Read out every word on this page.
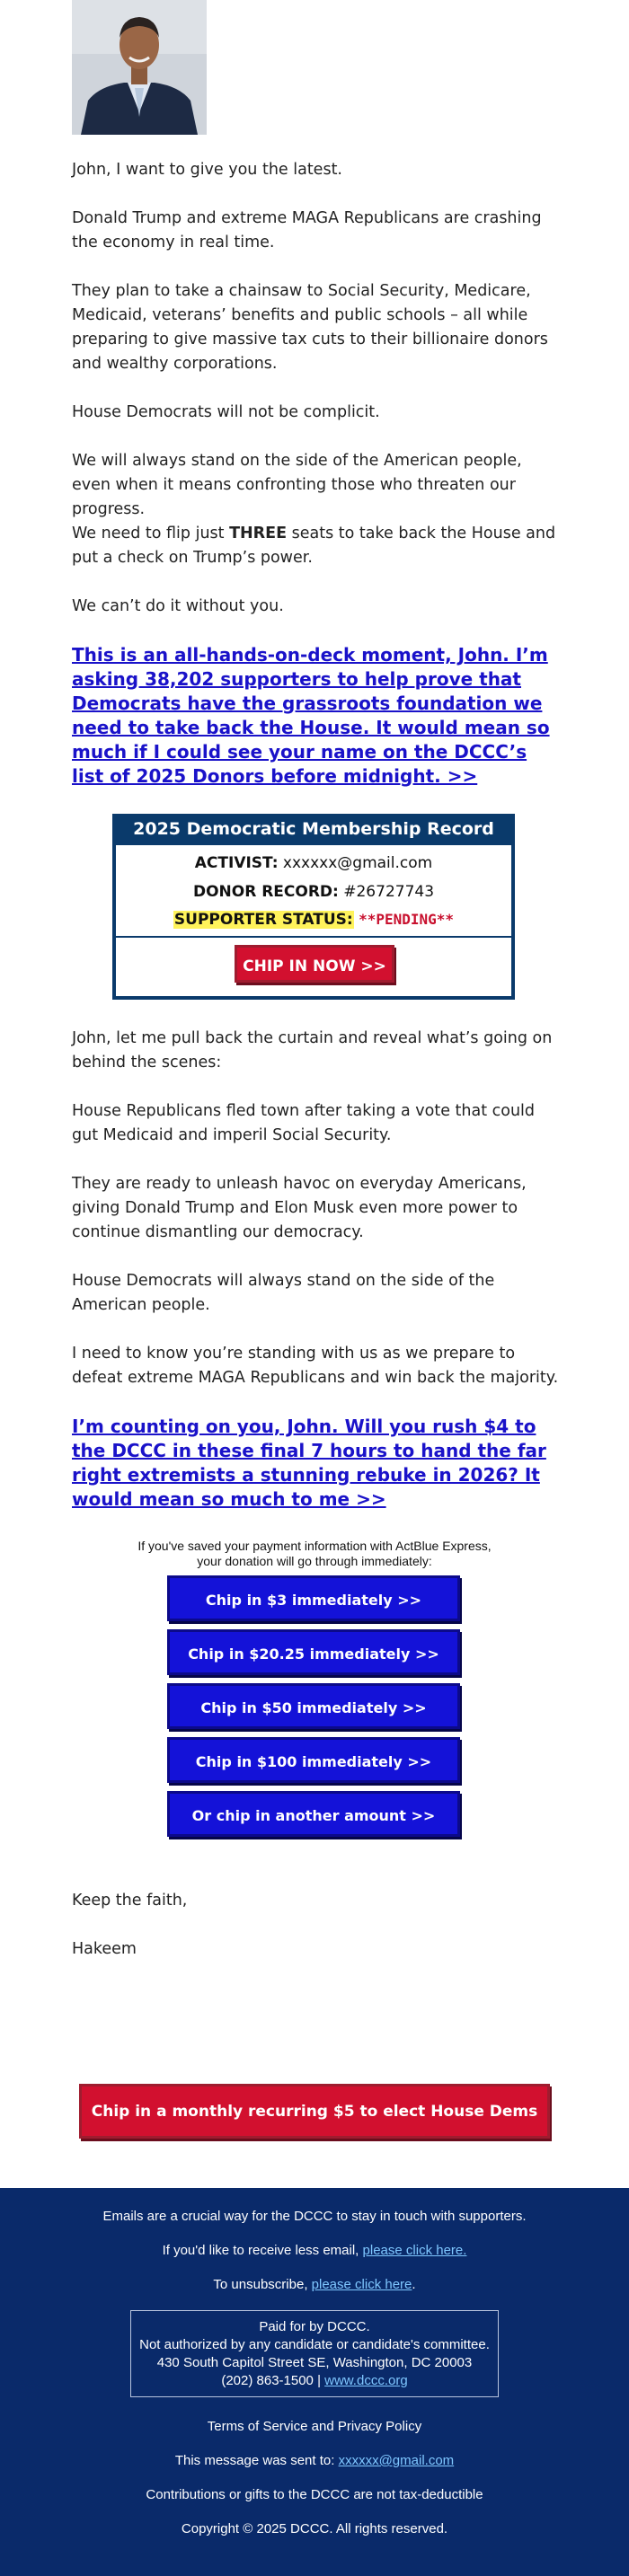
John, I want to give you the latest.

Donald Trump and extreme MAGA Republicans are crashing the economy in real time.

They plan to take a chainsaw to Social Security, Medicare, Medicaid, veterans’ benefits and public schools – all while preparing to give massive tax cuts to their billionaire donors and wealthy corporations.

House Democrats will not be complicit.

We will always stand on the side of the American people, even when it means confronting those who threaten our progress.

We need to flip just THREE seats to take back the House and put a check on Trump’s power.

We can’t do it without you.

This is an all-hands-on-deck moment, John. I’m asking 38,202 supporters to help prove that Democrats have the grassroots foundation we need to take back the House. It would mean so much if I could see your name on the DCCC’s list of 2025 Donors before midnight. >>
2025 Democratic Membership Record
ACTIVIST: xxxxxx@gmail.com
DONOR RECORD: #26727743
SUPPORTER STATUS: **PENDING**
CHIP IN NOW >>

John, let me pull back the curtain and reveal what’s going on behind the scenes:

House Republicans fled town after taking a vote that could gut Medicaid and imperil Social Security.

They are ready to unleash havoc on everyday Americans, giving Donald Trump and Elon Musk even more power to continue dismantling our democracy.

House Democrats will always stand on the side of the American people.

I need to know you’re standing with us as we prepare to defeat extreme MAGA Republicans and win back the majority.

I’m counting on you, John. Will you rush $4 to the DCCC in these final 7 hours to hand the far right extremists a stunning rebuke in 2026? It would mean so much to me >>
If you've saved your payment information with ActBlue Express, your donation will go through immediately:
Chip in $3 immediately >>
Chip in $20.25 immediately >>
Chip in $50 immediately >>
Chip in $100 immediately >>
Or chip in another amount >>

Keep the faith,

Hakeem

Chip in a monthly recurring $5 to elect House Dems >>
Emails are a crucial way for the DCCC to stay in touch with supporters.
If you'd like to receive less email, please click here.
To unsubscribe, please click here.
Paid for by DCCC.
Not authorized by any candidate or candidate's committee.
430 South Capitol Street SE, Washington, DC 20003
(202) 863-1500 | www.dccc.org
Terms of Service and Privacy Policy
This message was sent to: xxxxxx@gmail.com
Contributions or gifts to the DCCC are not tax-deductible
Copyright © 2025 DCCC. All rights reserved.
